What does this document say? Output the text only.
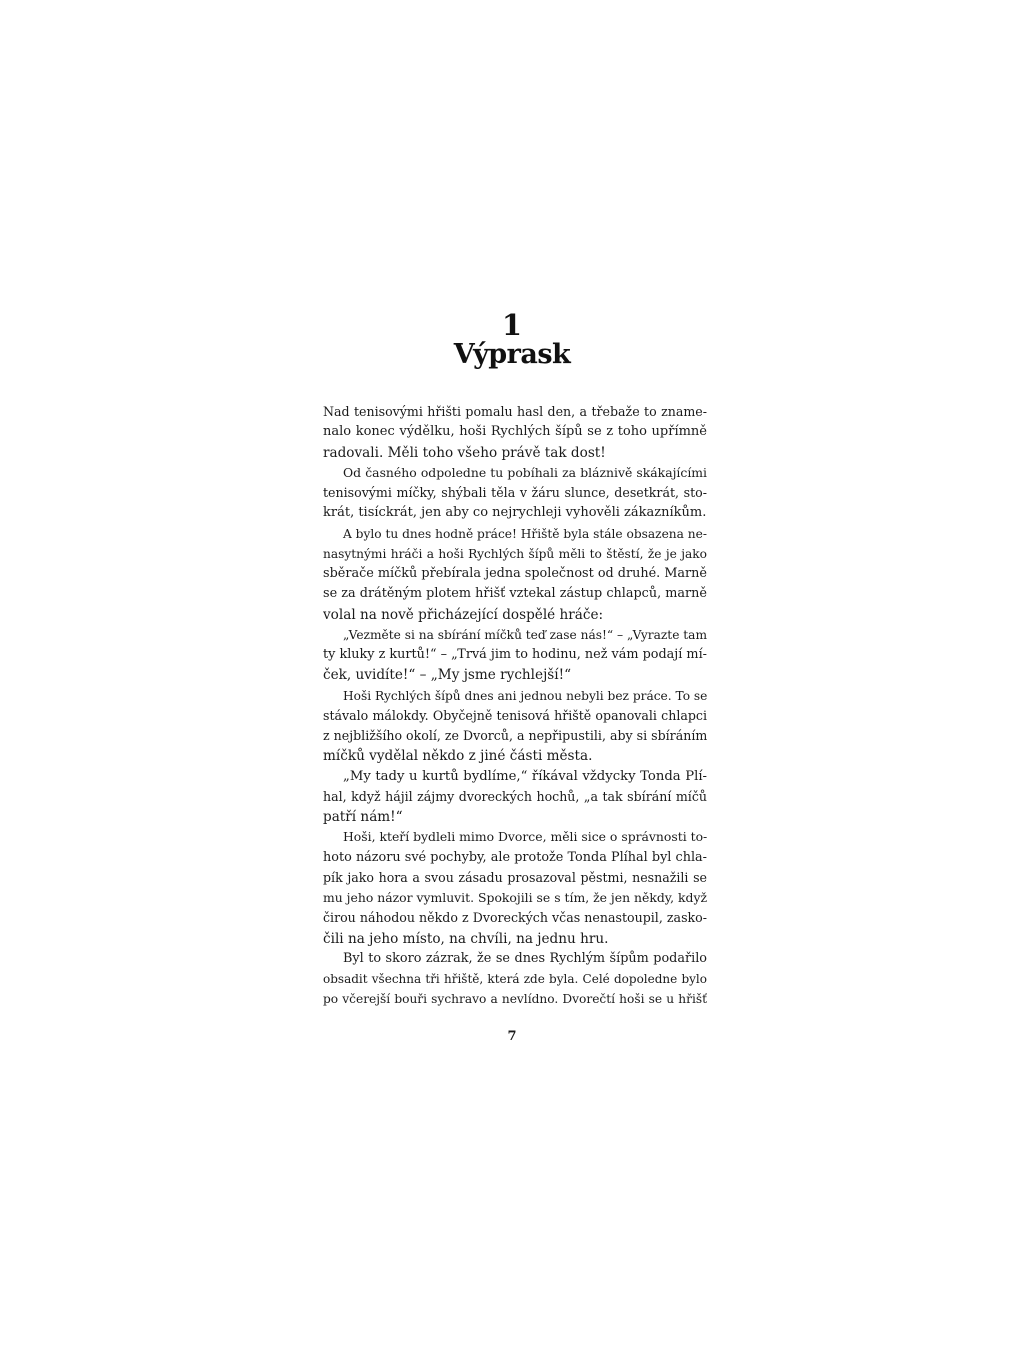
1
Výprask
Nad tenisovými hřišti pomalu hasl den, a třebaže to zname-
nalo konec výdělku, hoši Rychlých šípů se z toho upřímně
radovali. Měli toho všeho právě tak dost!
Od časného odpoledne tu pobíhali za bláznivě skákajícími
tenisovými míčky, shýbali těla v žáru slunce, desetkrát, sto-
krát, tisíckrát, jen aby co nejrychleji vyhověli zákazníkům.
A bylo tu dnes hodně práce! Hřiště byla stále obsazena ne-
nasytnými hráči a hoši Rychlých šípů měli to štěstí, že je jako
sběrače míčků přebírala jedna společnost od druhé. Marně
se za drátěným plotem hřišť vztekal zástup chlapců, marně
volal na nově přicházející dospělé hráče:
„Vezměte si na sbírání míčků teď zase nás!“ – „Vyrazte tam
ty kluky z kurtů!“ – „Trvá jim to hodinu, než vám podají mí-
ček, uvidíte!“ – „My jsme rychlejší!“
Hoši Rychlých šípů dnes ani jednou nebyli bez práce. To se
stávalo málokdy. Obyčejně tenisová hřiště opanovali chlapci
z nejbližšího okolí, ze Dvorců, a nepřipustili, aby si sbíráním
míčků vydělal někdo z jiné části města.
„My tady u kurtů bydlíme,“ říkával vždycky Tonda Plí-
hal, když hájil zájmy dvoreckých hochů, „a tak sbírání míčů
patří nám!“
Hoši, kteří bydleli mimo Dvorce, měli sice o správnosti to-
hoto názoru své pochyby, ale protože Tonda Plíhal byl chla-
pík jako hora a svou zásadu prosazoval pěstmi, nesnažili se
mu jeho názor vymluvit. Spokojili se s tím, že jen někdy, když
čirou náhodou někdo z Dvoreckých včas nenastoupil, zasko-
čili na jeho místo, na chvíli, na jednu hru.
Byl to skoro zázrak, že se dnes Rychlým šípům podařilo
obsadit všechna tři hřiště, která zde byla. Celé dopoledne bylo
po včerejší bouři sychravo a nevlídno. Dvorečtí hoši se u hřišť
7
